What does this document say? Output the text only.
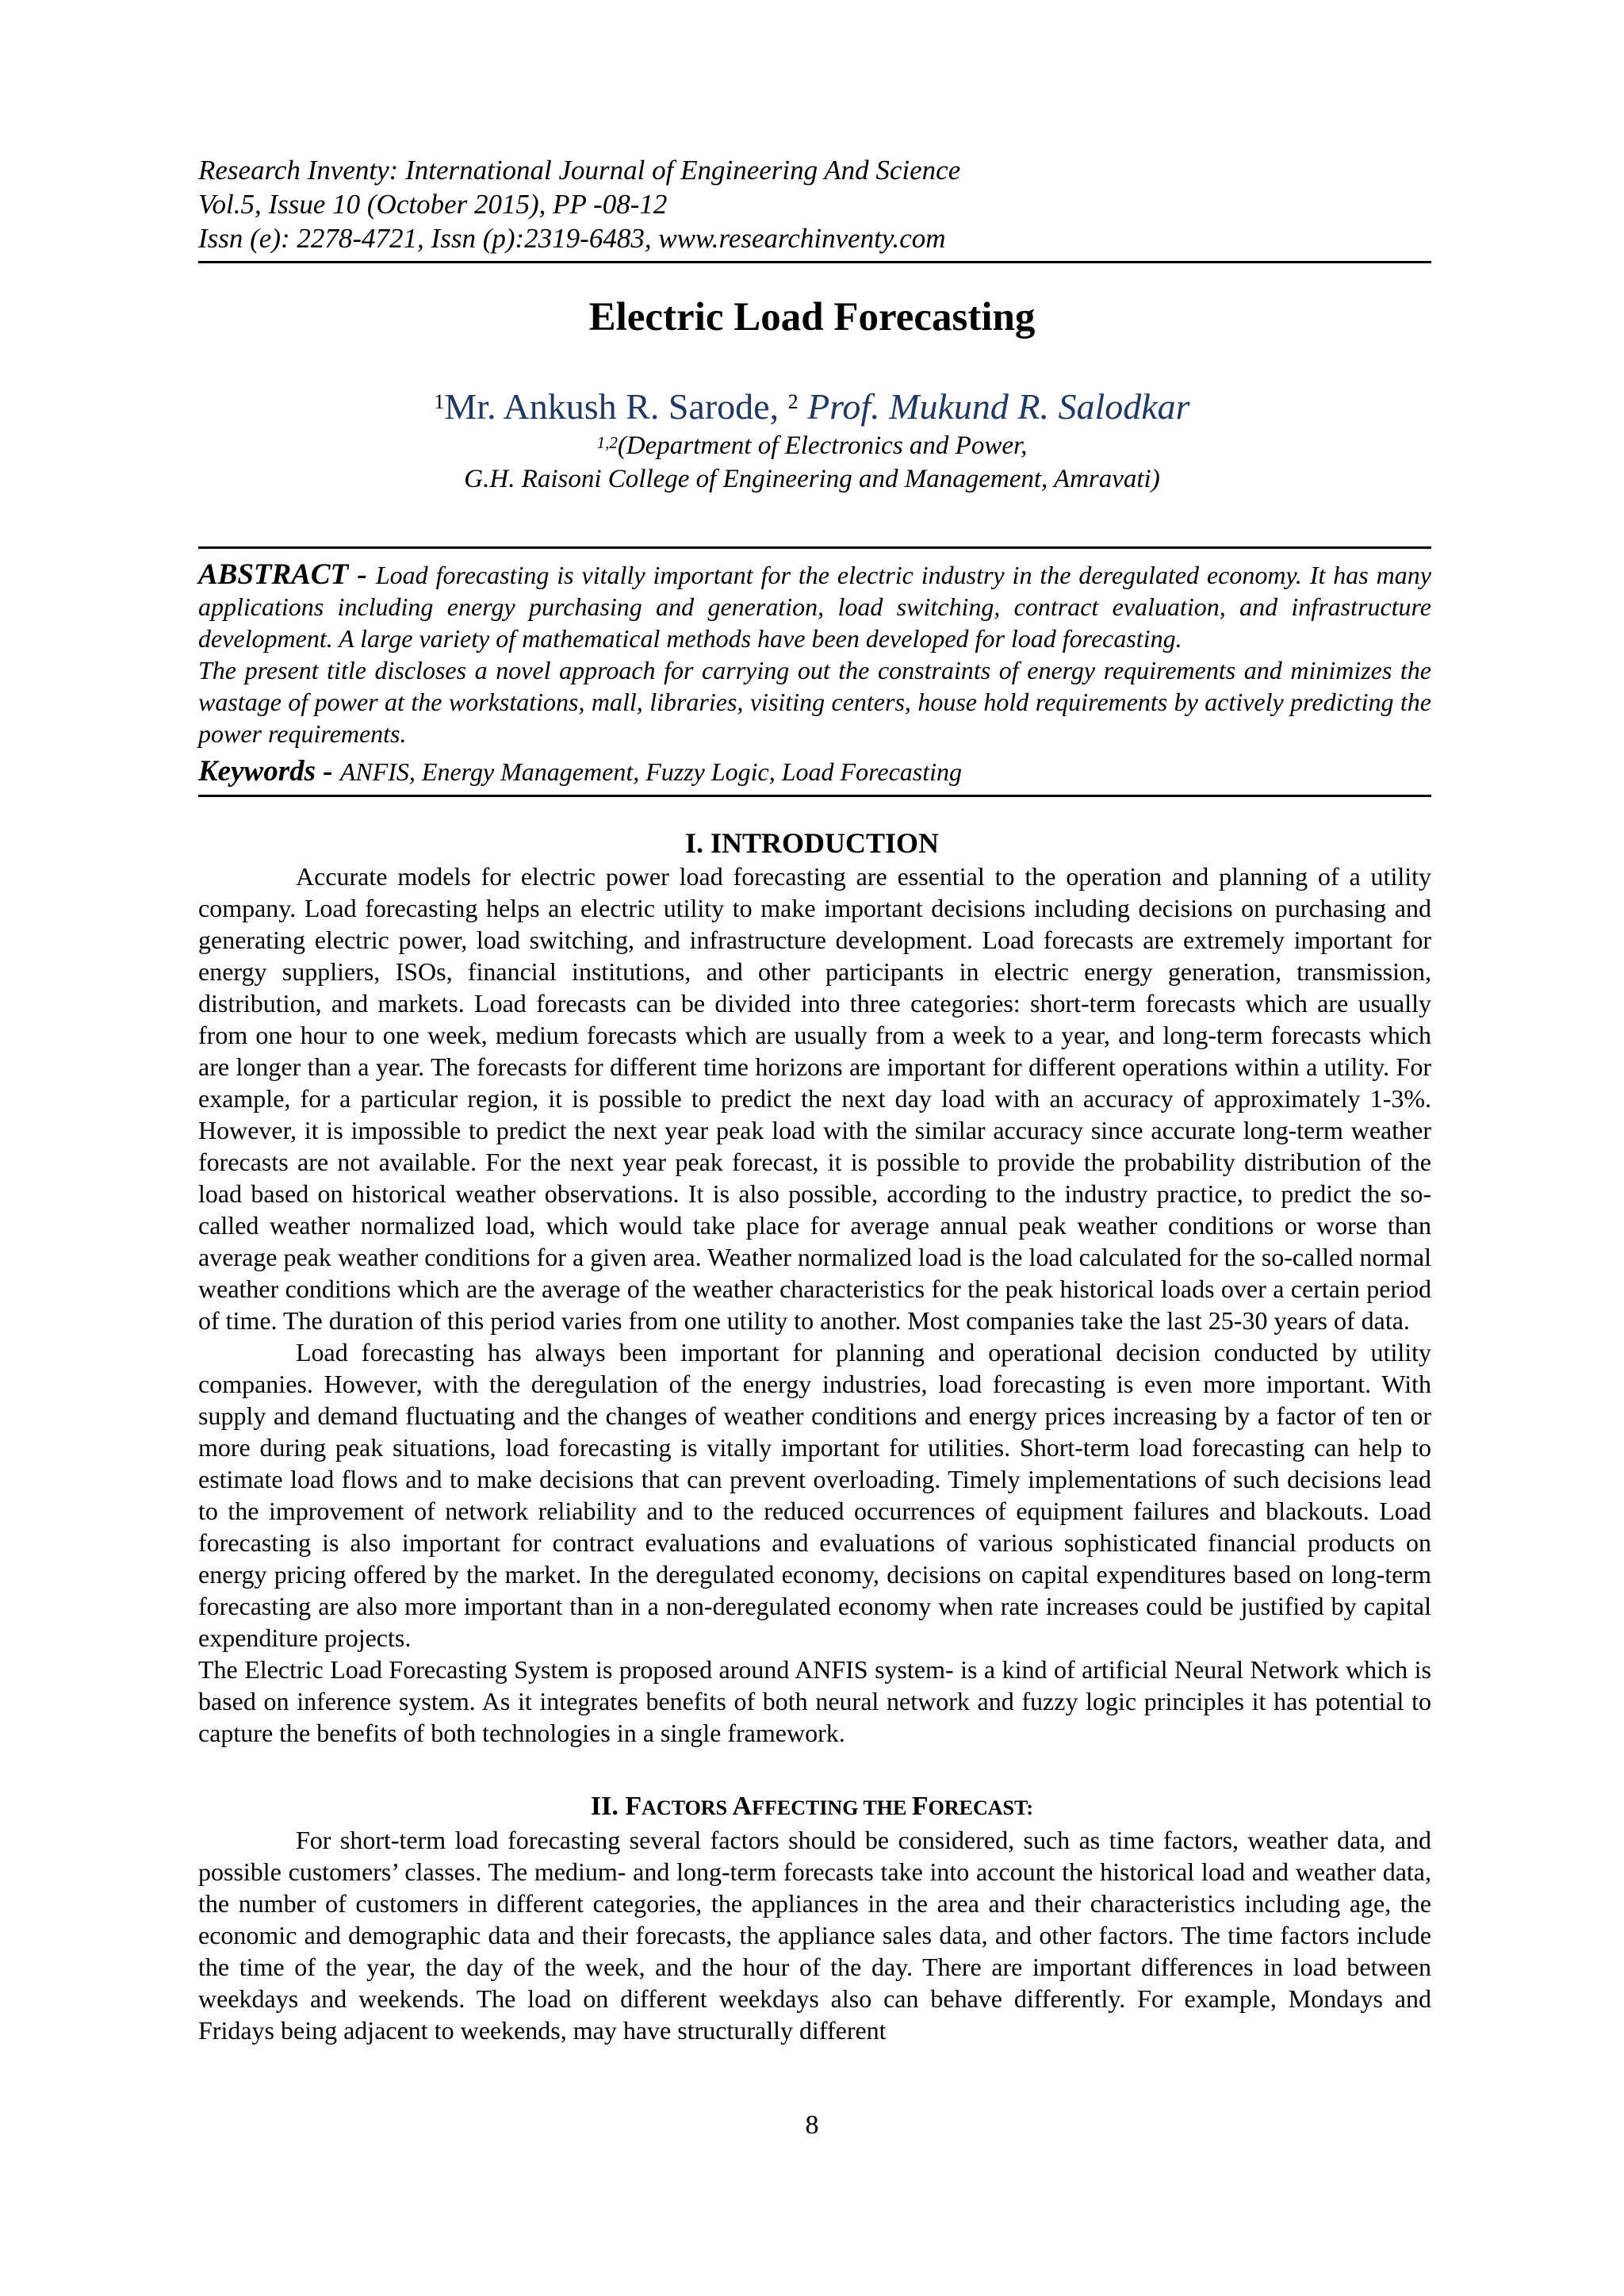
Research Inventy: International Journal of Engineering And Science
Vol.5, Issue 10 (October 2015), PP -08-12
Issn (e): 2278-4721, Issn (p):2319-6483, www.researchinventy.com
Electric Load Forecasting
$^1$Mr. Ankush R. Sarode, $^2$ Prof. Mukund R. Salodkar
$^{1,2}$(Department of Electronics and Power,
G.H. Raisoni College of Engineering and Management, Amravati)

ABSTRACT - Load forecasting is vitally important for the electric industry in the deregulated economy. It has many applications including energy purchasing and generation, load switching, contract evaluation, and infrastructure development. A large variety of mathematical methods have been developed for load forecasting.

The present title discloses a novel approach for carrying out the constraints of energy requirements and minimizes the wastage of power at the workstations, mall, libraries, visiting centers, house hold requirements by actively predicting the power requirements.

Keywords - ANFIS, Energy Management, Fuzzy Logic, Load Forecasting
I. INTRODUCTION

Accurate models for electric power load forecasting are essential to the operation and planning of a utility company. Load forecasting helps an electric utility to make important decisions including decisions on purchasing and generating electric power, load switching, and infrastructure development. Load forecasts are extremely important for energy suppliers, ISOs, financial institutions, and other participants in electric energy generation, transmission, distribution, and markets. Load forecasts can be divided into three categories: short-term forecasts which are usually from one hour to one week, medium forecasts which are usually from a week to a year, and long-term forecasts which are longer than a year. The forecasts for different time horizons are important for different operations within a utility. For example, for a particular region, it is possible to predict the next day load with an accuracy of approximately 1-3%. However, it is impossible to predict the next year peak load with the similar accuracy since accurate long-term weather forecasts are not available. For the next year peak forecast, it is possible to provide the probability distribution of the load based on historical weather observations. It is also possible, according to the industry practice, to predict the so-called weather normalized load, which would take place for average annual peak weather conditions or worse than average peak weather conditions for a given area. Weather normalized load is the load calculated for the so-called normal weather conditions which are the average of the weather characteristics for the peak historical loads over a certain period of time. The duration of this period varies from one utility to another. Most companies take the last 25-30 years of data.

Load forecasting has always been important for planning and operational decision conducted by utility companies. However, with the deregulation of the energy industries, load forecasting is even more important. With supply and demand fluctuating and the changes of weather conditions and energy prices increasing by a factor of ten or more during peak situations, load forecasting is vitally important for utilities. Short-term load forecasting can help to estimate load flows and to make decisions that can prevent overloading. Timely implementations of such decisions lead to the improvement of network reliability and to the reduced occurrences of equipment failures and blackouts. Load forecasting is also important for contract evaluations and evaluations of various sophisticated financial products on energy pricing offered by the market. In the deregulated economy, decisions on capital expenditures based on long-term forecasting are also more important than in a non-deregulated economy when rate increases could be justified by capital expenditure projects.

The Electric Load Forecasting System is proposed around ANFIS system- is a kind of artificial Neural Network which is based on inference system. As it integrates benefits of both neural network and fuzzy logic principles it has potential to capture the benefits of both technologies in a single framework.

II. FACTORS AFFECTING THE FORECAST:

For short-term load forecasting several factors should be considered, such as time factors, weather data, and possible customers’ classes. The medium- and long-term forecasts take into account the historical load and weather data, the number of customers in different categories, the appliances in the area and their characteristics including age, the economic and demographic data and their forecasts, the appliance sales data, and other factors. The time factors include the time of the year, the day of the week, and the hour of the day. There are important differences in load between weekdays and weekends. The load on different weekdays also can behave differently. For example, Mondays and Fridays being adjacent to weekends, may have structurally different

8
